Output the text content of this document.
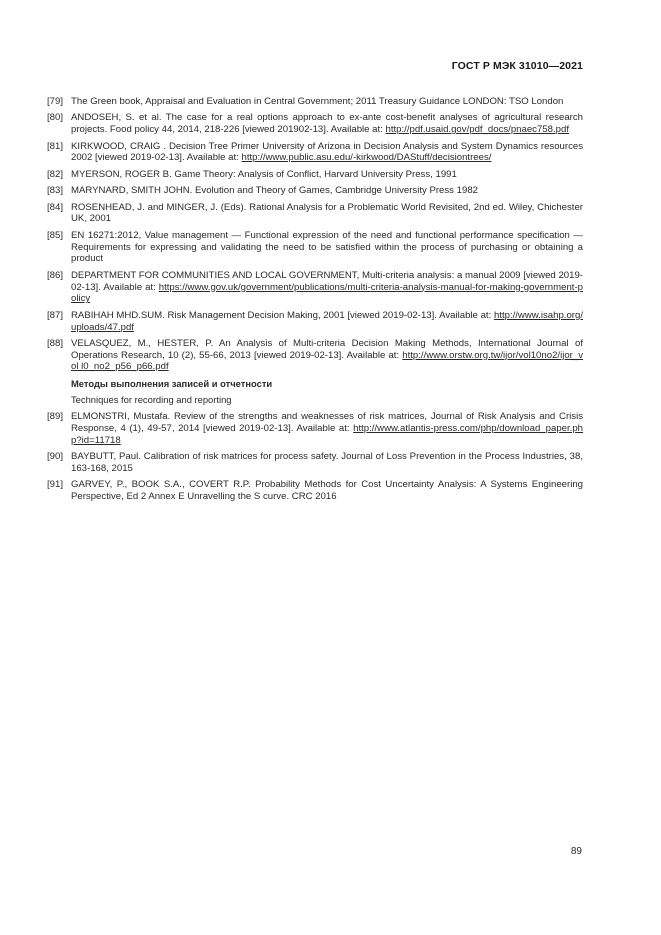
ГОСТ Р МЭК 31010—2021
[79] The Green book, Appraisal and Evaluation in Central Government; 2011 Treasury Guidance LONDON: TSO London
[80] ANDOSEH, S. et al. The case for a real options approach to ex-ante cost-benefit analyses of agricultural research projects. Food policy 44, 2014, 218-226 [viewed 201902-13]. Available at: http://pdf.usaid.gov/pdf_docs/pnaec758.pdf
[81] KIRKWOOD, CRAIG . Decision Tree Primer University of Arizona in Decision Analysis and System Dynamics resources 2002 [viewed 2019-02-13]. Available at: http://www.public.asu.edu/-kirkwood/DAStuff/decisiontrees/
[82] MYERSON, ROGER B. Game Theory: Analysis of Conflict, Harvard University Press, 1991
[83] MARYNARD, SMITH JOHN. Evolution and Theory of Games, Cambridge University Press 1982
[84] ROSENHEAD, J. and MINGER, J. (Eds). Rational Analysis for a Problematic World Revisited, 2nd ed. Wiley, Chichester UK, 2001
[85] EN 16271:2012, Value management — Functional expression of the need and functional performance specification — Requirements for expressing and validating the need to be satisfied within the process of purchasing or obtaining a product
[86] DEPARTMENT FOR COMMUNITIES AND LOCAL GOVERNMENT, Multi-criteria analysis: a manual 2009 [viewed 2019-02-13]. Available at: https://www.gov.uk/government/publications/multi-criteria-analysis-manual-for-making-government-policy
[87] RABIHAH MHD.SUM. Risk Management Decision Making, 2001 [viewed 2019-02-13]. Available at: http://www.isahp.org/uploads/47.pdf
[88] VELASQUEZ, M., HESTER, P. An Analysis of Multi-criteria Decision Making Methods, International Journal of Operations Research, 10 (2), 55-66, 2013 [viewed 2019-02-13]. Available at: http://www.orstw.org.tw/ijor/vol10no2/ijor_vol l0_no2_p56_p66.pdf
Методы выполнения записей и отчетности
Techniques for recording and reporting
[89] ELMONSTRI, Mustafa. Review of the strengths and weaknesses of risk matrices, Journal of Risk Analysis and Crisis Response, 4 (1), 49-57, 2014 [viewed 2019-02-13]. Available at: http://www.atlantis-press.com/php/download_paper.php?id=11718
[90] BAYBUTT, Paul. Calibration of risk matrices for process safety. Journal of Loss Prevention in the Process Industries, 38, 163-168, 2015
[91] GARVEY, P., BOOK S.A., COVERT R.P. Probability Methods for Cost Uncertainty Analysis: A Systems Engineering Perspective, Ed 2 Annex E Unravelling the S curve. CRC 2016
89
